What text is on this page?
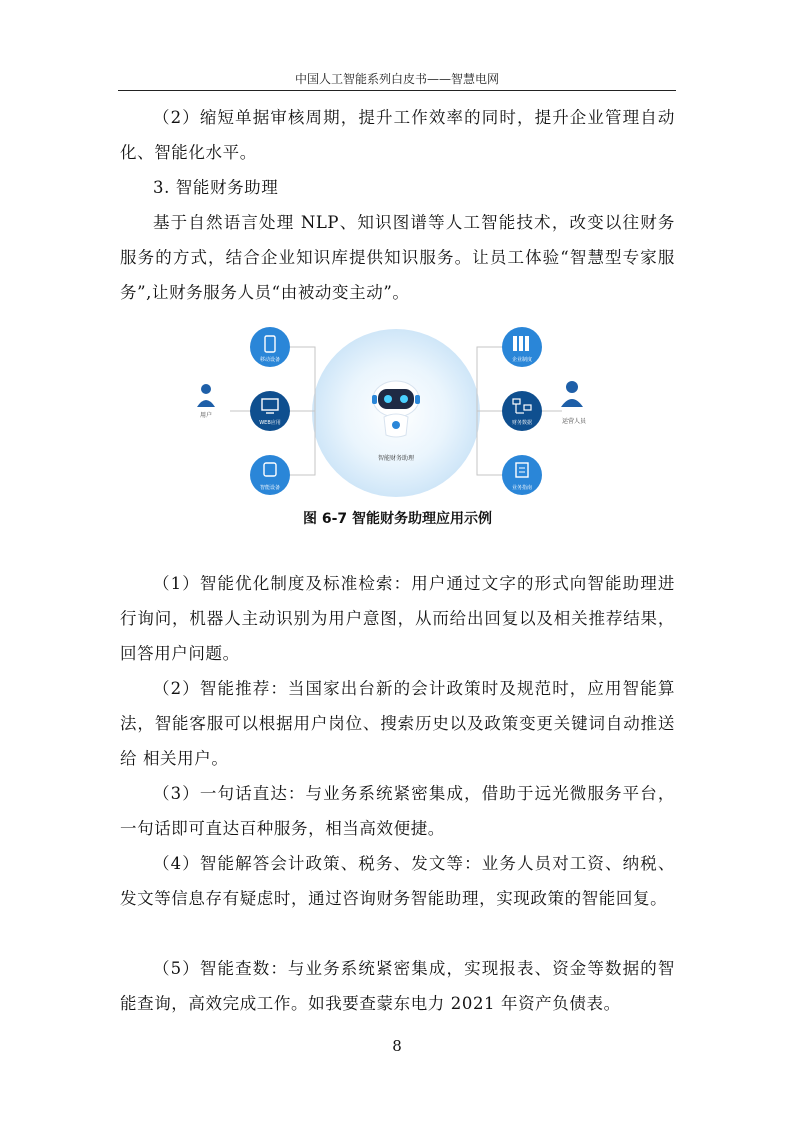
中国人工智能系列白皮书——智慧电网

（2）缩短单据审核周期，提升工作效率的同时，提升企业管理自动化、智能化水平。

3. 智能财务助理

基于自然语言处理 NLP、知识图谱等人工智能技术，改变以往财务服务的方式，结合企业知识库提供知识服务。让员工体验“智慧型专家服务”,让财务服务人员“由被动变主动”。

智能财务助理
用户
运营人员
移动设备
WEB应用
智能设备
企业制度
财务数据
业务指南
图 6-7 智能财务助理应用示例

（1）智能优化制度及标准检索：用户通过文字的形式向智能助理进行询问，机器人主动识别为用户意图，从而给出回复以及相关推荐结果，回答用户问题。

（2）智能推荐：当国家出台新的会计政策时及规范时，应用智能算法，智能客服可以根据用户岗位、搜索历史以及政策变更关键词自动推送给 相关用户。

（3）一句话直达：与业务系统紧密集成，借助于远光微服务平台，一句话即可直达百种服务，相当高效便捷。

（4）智能解答会计政策、税务、发文等：业务人员对工资、纳税、发文等信息存有疑虑时，通过咨询财务智能助理，实现政策的智能回复。

（5）智能查数：与业务系统紧密集成，实现报表、资金等数据的智能查询，高效完成工作。如我要查蒙东电力 2021 年资产负债表。

8
